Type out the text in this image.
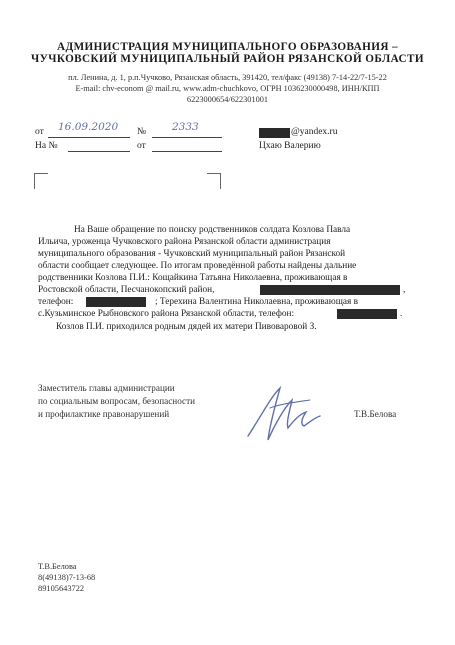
АДМИНИСТРАЦИЯ МУНИЦИПАЛЬНОГО ОБРАЗОВАНИЯ –
ЧУЧКОВСКИЙ МУНИЦИПАЛЬНЫЙ РАЙОН РЯЗАНСКОЙ ОБЛАСТИ
пл. Ленина, д. 1, р.п.Чучково, Рязанская область, 391420, тел/факс (49138) 7-14-22/7-15-22
E-mail: chv-econom @ mail.ru, www.adm-chuchkovo, ОГРН 1036230000498, ИНН/КПП
6223000654/622301001
от 16.09.2020 № 2333
На №	от
@yandex.ru
Цхаю Валерию
На Ваше обращение по поиску родственников солдата Козлова Павла
Ильича, уроженца Чучковского района Рязанской области администрация
муниципального образования - Чучковский муниципальный район Рязанской
области сообщает следующее. По итогам проведённой работы найдены дальние
родственники Козлова П.И.: Кощайкина Татьяна Николаевна, проживающая в
Ростовской области, Песчанокопский район,	,
телефон:	; Терехина Валентина Николаевна, проживающая в
с.Кузьминское Рыбновского района Рязанской области, телефон:	.
Козлов П.И. приходился родным дядей их матери Пивоваровой З.
Заместитель главы администрации
по социальным вопросам, безопасности
и профилактике правонарушений	Т.В.Белова
Т.В.Белова
8(49138)7-13-68
89105643722
